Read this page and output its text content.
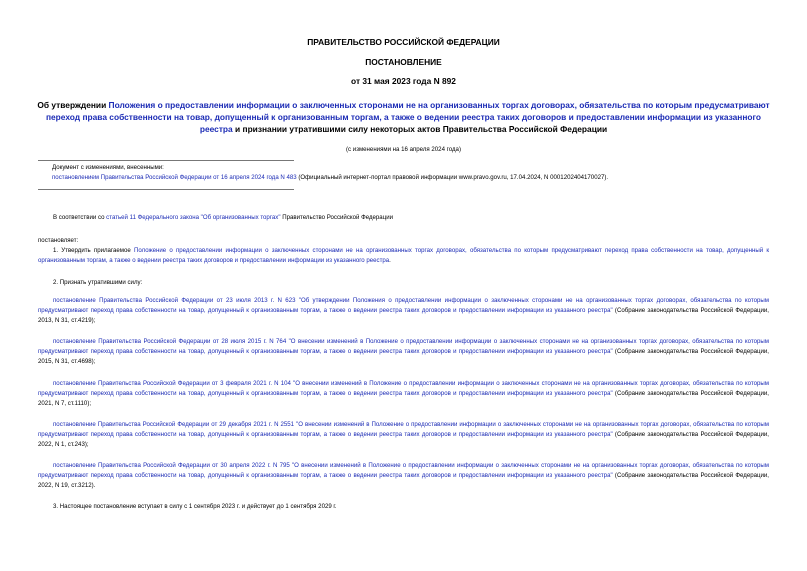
ПРАВИТЕЛЬСТВО РОССИЙСКОЙ ФЕДЕРАЦИИ
ПОСТАНОВЛЕНИЕ
от 31 мая 2023 года N 892
Об утверждении Положения о предоставлении информации о заключенных сторонами не на организованных торгах договорах, обязательства по которым предусматривают переход права собственности на товар, допущенный к организованным торгам, а также о ведении реестра таких договоров и предоставлении информации из указанного реестра и признании утратившими силу некоторых актов Правительства Российской Федерации
(с изменениями на 16 апреля 2024 года)

Документ с изменениями, внесенными:

постановлением Правительства Российской Федерации от 16 апреля 2024 года N 483 (Официальный интернет-портал правовой информации www.pravo.gov.ru, 17.04.2024, N 0001202404170027).

В соответствии со статьей 11 Федерального закона "Об организованных торгах" Правительство Российской Федерации

постановляет:

1. Утвердить прилагаемое Положение о предоставлении информации о заключенных сторонами не на организованных торгах договорах, обязательства по которым предусматривают переход права собственности на товар, допущенный к организованным торгам, а также о ведении реестра таких договоров и предоставлении информации из указанного реестра.

2. Признать утратившими силу:

постановление Правительства Российской Федерации от 23 июля 2013 г. N 623 "Об утверждении Положения о предоставлении информации о заключенных сторонами не на организованных торгах договорах, обязательства по которым предусматривают переход права собственности на товар, допущенный к организованным торгам, а также о ведении реестра таких договоров и предоставлении информации из указанного реестра" (Собрание законодательства Российской Федерации, 2013, N 31, ст.4219);

постановление Правительства Российской Федерации от 28 июля 2015 г. N 764 "О внесении изменений в Положение о предоставлении информации о заключенных сторонами не на организованных торгах договорах, обязательства по которым предусматривают переход права собственности на товар, допущенный к организованным торгам, а также о ведении реестра таких договоров и предоставлении информации из указанного реестра" (Собрание законодательства Российской Федерации, 2015, N 31, ст.4698);

постановление Правительства Российской Федерации от 3 февраля 2021 г. N 104 "О внесении изменений в Положение о предоставлении информации о заключенных сторонами не на организованных торгах договорах, обязательства по которым предусматривают переход права собственности на товар, допущенный к организованным торгам, а также о ведении реестра таких договоров и предоставлении информации из указанного реестра" (Собрание законодательства Российской Федерации, 2021, N 7, ст.1110);

постановление Правительства Российской Федерации от 29 декабря 2021 г. N 2551 "О внесении изменений в Положение о предоставлении информации о заключенных сторонами не на организованных торгах договорах, обязательства по которым предусматривают переход права собственности на товар, допущенный к организованным торгам, а также о ведении реестра таких договоров и предоставлении информации из указанного реестра" (Собрание законодательства Российской Федерации, 2022, N 1, ст.243);

постановление Правительства Российской Федерации от 30 апреля 2022 г. N 795 "О внесении изменений в Положение о предоставлении информации о заключенных сторонами не на организованных торгах договорах, обязательства по которым предусматривают переход права собственности на товар, допущенный к организованным торгам, а также о ведении реестра таких договоров и предоставлении информации из указанного реестра" (Собрание законодательства Российской Федерации, 2022, N 19, ст.3212).

3. Настоящее постановление вступает в силу с 1 сентября 2023 г. и действует до 1 сентября 2029 г.
